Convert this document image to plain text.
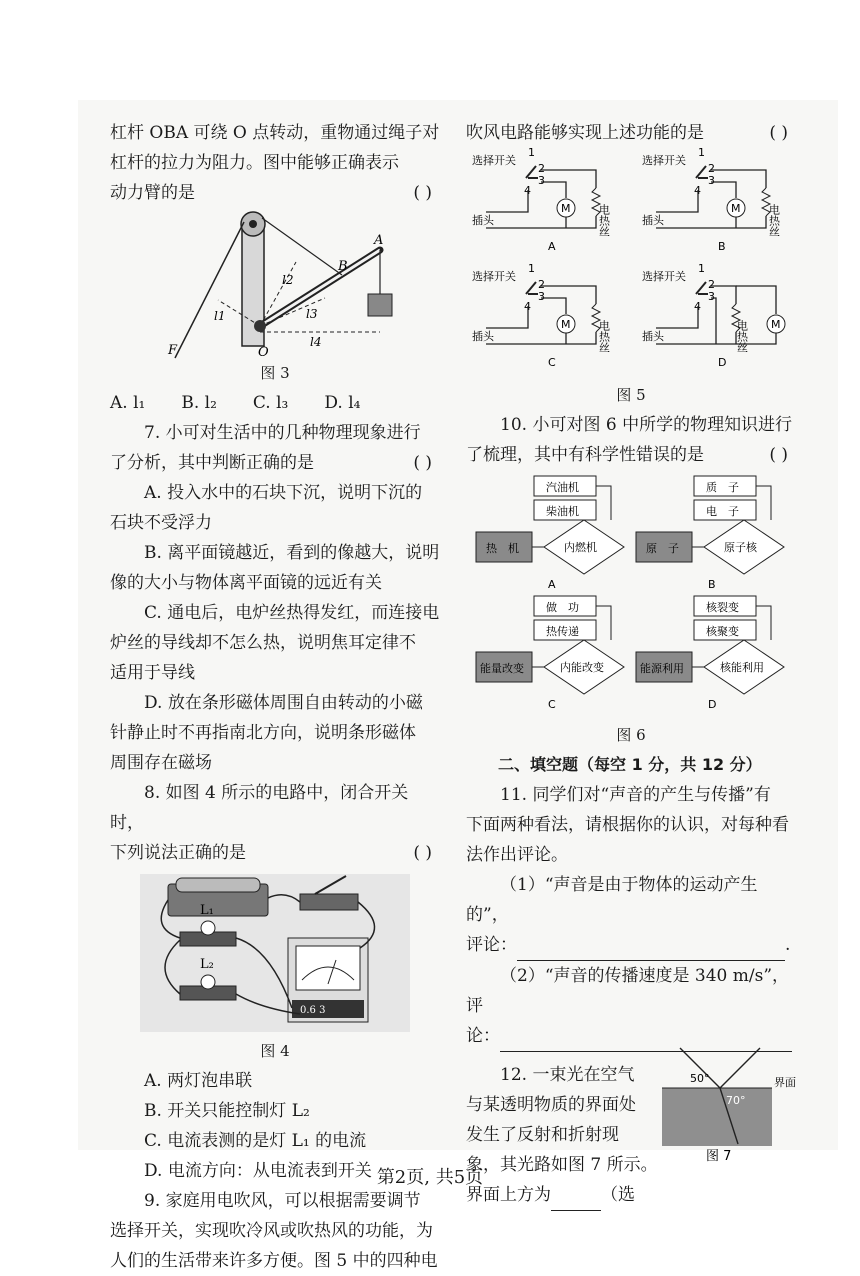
杠杆 OBA 可绕 O 点转动，重物通过绳子对

杠杆的拉力为阻力。图中能够正确表示

动力臂的是	( )

F
A
B
O
l1
l2
l3
l4

图 3

A. l₁ B. l₂ C. l₃ D. l₄

7. 小可对生活中的几种物理现象进行

了分析，其中判断正确的是	( )

A. 投入水中的石块下沉，说明下沉的

石块不受浮力

B. 离平面镜越近，看到的像越大，说明

像的大小与物体离平面镜的远近有关

C. 通电后，电炉丝热得发红，而连接电

炉丝的导线却不怎么热，说明焦耳定律不

适用于导线

D. 放在条形磁体周围自由转动的小磁

针静止时不再指南北方向，说明条形磁体

周围存在磁场

8. 如图 4 所示的电路中，闭合开关时，

下列说法正确的是	( )

L₁
L₂
0.6 3

图 4

A. 两灯泡串联

B. 开关只能控制灯 L₂

C. 电流表测的是灯 L₁ 的电流

D. 电流方向：从电流表到开关

9. 家庭用电吹风，可以根据需要调节

选择开关，实现吹冷风或吹热风的功能，为

人们的生活带来许多方便。图 5 中的四种电

吹风电路能够实现上述功能的是	( )

选择开关
1
2
3
4
M 电热丝
插头
A
选择开关
1
2
3
4
M 电热丝
插头
B
选择开关
1
2
3
4
M 电热丝
插头
C
选择开关
1
2
3
4
电热丝 M
插头
D

图 5

10. 小可对图 6 中所学的物理知识进行

了梳理，其中有科学性错误的是	( )

汽油机
柴油机
热　机	内燃机
A
质　子
电　子
原　子	原子核
B
做　功
热传递
能量改变	内能改变
C
核裂变
核聚变
能源利用	核能利用
D

图 6

二、填空题（每空 1 分，共 12 分）

11. 同学们对“声音的产生与传播”有

下面两种看法，请根据你的认识，对每种看

法作出评论。

（1）“声音是由于物体的运动产生的”，

评论：	.

（2）“声音的传播速度是 340 m/s”，评

论：

12. 一束光在空气

与某透明物质的界面处

发生了反射和折射现

象，其光路如图 7 所示。

界面上方为	（选

50°
70°
界面
图 7
第2页, 共5页
